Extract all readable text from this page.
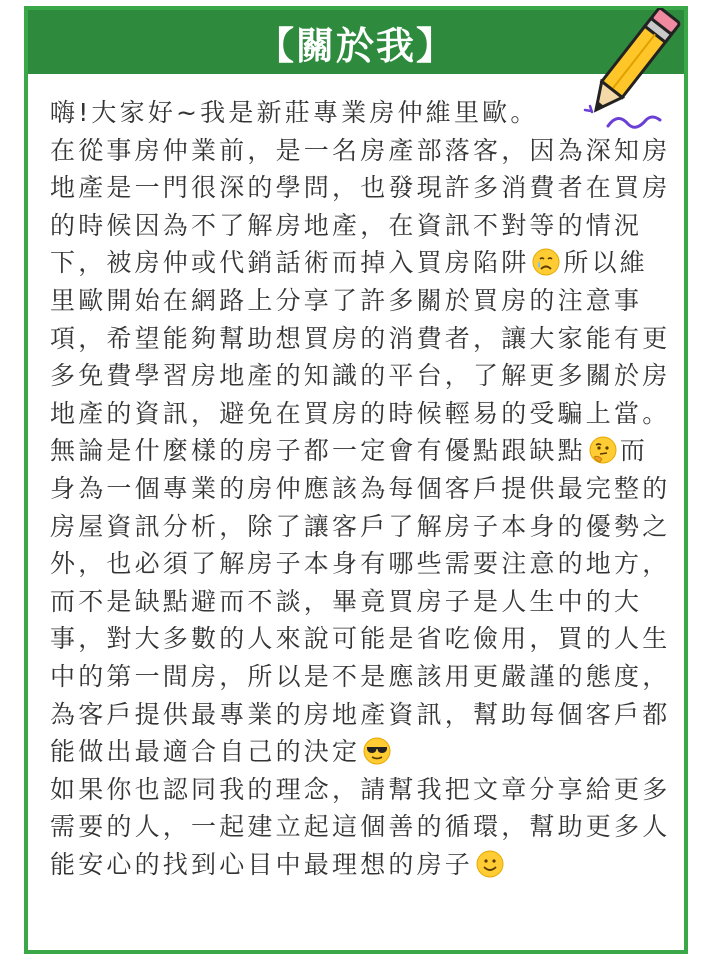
【關於我】

嗨!大家好~我是新莊專業房仲維里歐。

在從事房仲業前，是一名房產部落客，因為深知房地產是一門很深的學問，也發現許多消費者在買房的時候因為不了解房地產，在資訊不對等的情況下，被房仲或代銷話術而掉入買房陷阱 所以維里歐開始在網路上分享了許多關於買房的注意事項，希望能夠幫助想買房的消費者，讓大家能有更多免費學習房地產的知識的平台，了解更多關於房地產的資訊，避免在買房的時候輕易的受騙上當。

無論是什麼樣的房子都一定會有優點跟缺點 而身為一個專業的房仲應該為每個客戶提供最完整的房屋資訊分析，除了讓客戶了解房子本身的優勢之外，也必須了解房子本身有哪些需要注意的地方，而不是缺點避而不談，畢竟買房子是人生中的大事，對大多數的人來說可能是省吃儉用，買的人生中的第一間房，所以是不是應該用更嚴謹的態度，為客戶提供最專業的房地產資訊，幫助每個客戶都能做出最適合自己的決定

如果你也認同我的理念，請幫我把文章分享給更多需要的人，一起建立起這個善的循環，幫助更多人能安心的找到心目中最理想的房子
